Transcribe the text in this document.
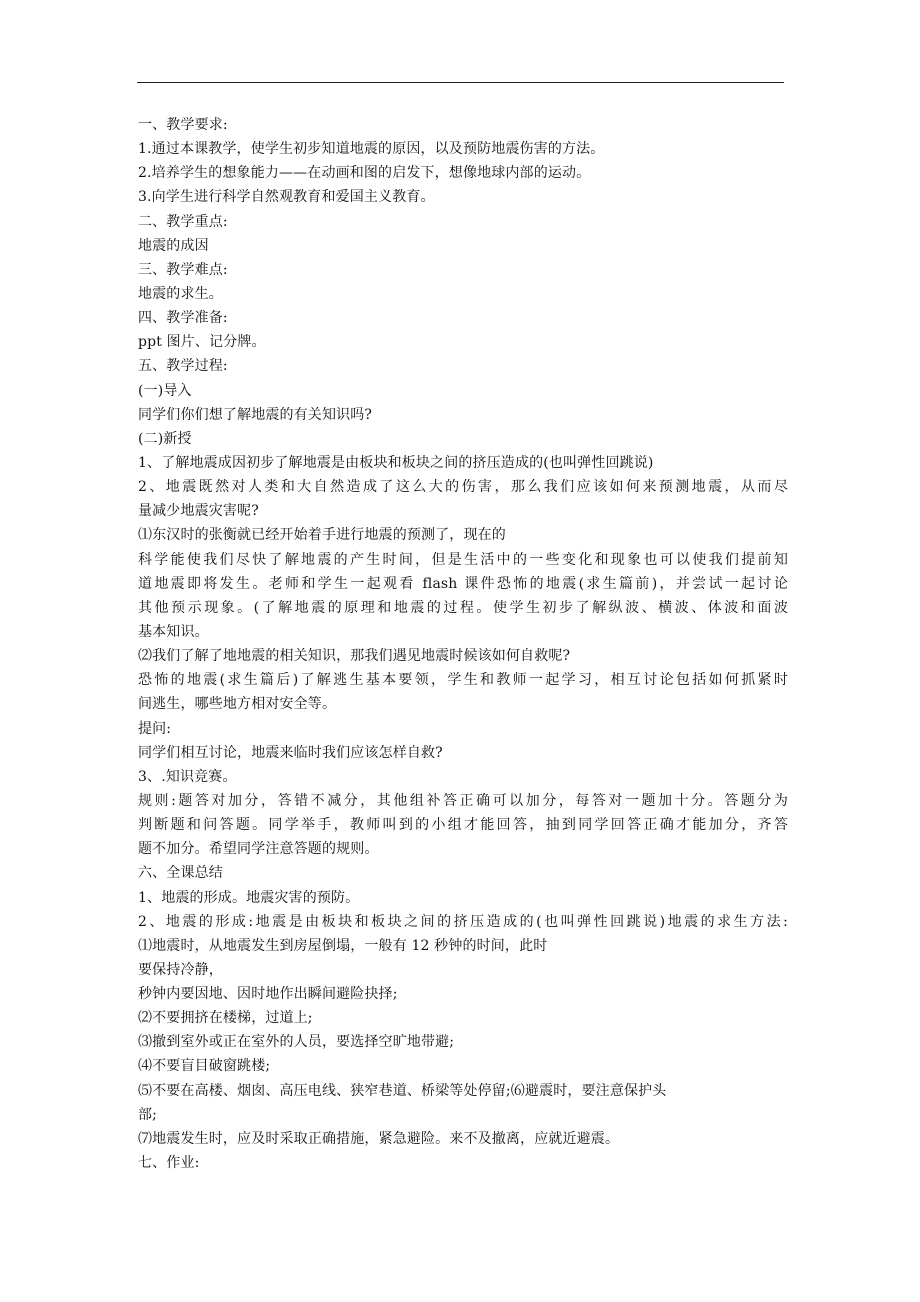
一、教学要求:
1.通过本课教学，使学生初步知道地震的原因，以及预防地震伤害的方法。
2.培养学生的想象能力——在动画和图的启发下，想像地球内部的运动。
3.向学生进行科学自然观教育和爱国主义教育。
二、教学重点:
地震的成因
三、教学难点:
地震的求生。
四、教学准备:
ppt 图片、记分牌。
五、教学过程:
(一)导入
同学们你们想了解地震的有关知识吗?
(二)新授
1、了解地震成因初步了解地震是由板块和板块之间的挤压造成的(也叫弹性回跳说)
2、地震既然对人类和大自然造成了这么大的伤害，那么我们应该如何来预测地震，从而尽
量减少地震灾害呢?
⑴东汉时的张衡就已经开始着手进行地震的预测了，现在的
科学能使我们尽快了解地震的产生时间，但是生活中的一些变化和现象也可以使我们提前知
道地震即将发生。老师和学生一起观看 flash 课件恐怖的地震(求生篇前)，并尝试一起讨论
其他预示现象。(了解地震的原理和地震的过程。使学生初步了解纵波、横波、体波和面波
基本知识。
⑵我们了解了地地震的相关知识，那我们遇见地震时候该如何自救呢?
恐怖的地震(求生篇后)了解逃生基本要领，学生和教师一起学习，相互讨论包括如何抓紧时
间逃生，哪些地方相对安全等。
提问:
同学们相互讨论，地震来临时我们应该怎样自救?
3、.知识竞赛。
规则:题答对加分，答错不减分，其他组补答正确可以加分，每答对一题加十分。答题分为
判断题和问答题。同学举手，教师叫到的小组才能回答，抽到同学回答正确才能加分，齐答
题不加分。希望同学注意答题的规则。
六、全课总结
1、地震的形成。地震灾害的预防。
2、地震的形成:地震是由板块和板块之间的挤压造成的(也叫弹性回跳说)地震的求生方法:
⑴地震时，从地震发生到房屋倒塌，一般有 12 秒钟的时间，此时
要保持冷静，
秒钟内要因地、因时地作出瞬间避险抉择;
⑵不要拥挤在楼梯，过道上;
⑶撤到室外或正在室外的人员，要选择空旷地带避;
⑷不要盲目破窗跳楼;
⑸不要在高楼、烟囱、高压电线、狭窄巷道、桥梁等处停留;⑹避震时，要注意保护头
部;
⑺地震发生时，应及时采取正确措施，紧急避险。来不及撤离，应就近避震。
七、作业:
